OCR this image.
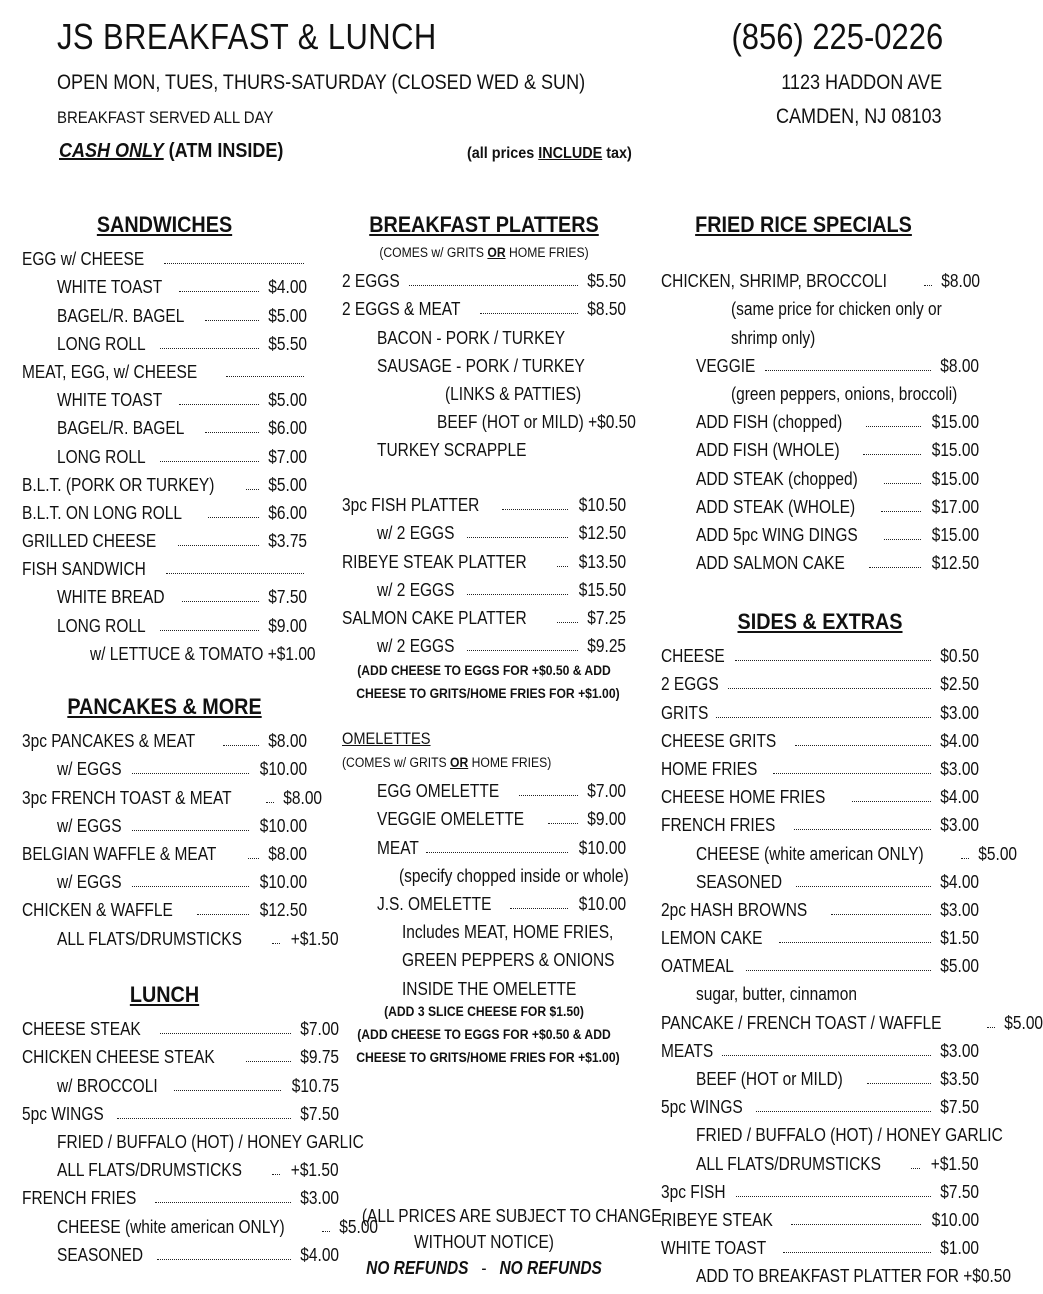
JS BREAKFAST & LUNCH	(856) 225-0226
OPEN MON, TUES, THURS-SATURDAY (CLOSED WED & SUN)	1123 HADDON AVE
BREAKFAST SERVED ALL DAY	CAMDEN, NJ 08103
CASH ONLY (ATM INSIDE)	(all prices INCLUDE tax)
SANDWICHES
EGG w/ CHEESE
WHITE TOAST	$4.00
BAGEL/R. BAGEL	$5.00
LONG ROLL	$5.50
MEAT, EGG, w/ CHEESE
WHITE TOAST	$5.00
BAGEL/R. BAGEL	$6.00
LONG ROLL	$7.00
B.L.T. (PORK OR TURKEY)	$5.00
B.L.T. ON LONG ROLL	$6.00
GRILLED CHEESE	$3.75
FISH SANDWICH
WHITE BREAD	$7.50
LONG ROLL	$9.00
w/ LETTUCE & TOMATO +$1.00
PANCAKES & MORE
3pc PANCAKES & MEAT	$8.00
w/ EGGS	$10.00
3pc FRENCH TOAST & MEAT	$8.00
w/ EGGS	$10.00
BELGIAN WAFFLE & MEAT	$8.00
w/ EGGS	$10.00
CHICKEN & WAFFLE	$12.50
ALL FLATS/DRUMSTICKS	+$1.50
LUNCH
CHEESE STEAK	$7.00
CHICKEN CHEESE STEAK	$9.75
w/ BROCCOLI	$10.75
5pc WINGS	$7.50
FRIED / BUFFALO (HOT) / HONEY GARLIC
ALL FLATS/DRUMSTICKS	+$1.50
FRENCH FRIES	$3.00
CHEESE (white american ONLY)	$5.00
SEASONED	$4.00
BREAKFAST PLATTERS
(COMES w/ GRITS OR HOME FRIES)
2 EGGS	$5.50
2 EGGS & MEAT	$8.50
BACON - PORK / TURKEY
SAUSAGE - PORK / TURKEY
(LINKS & PATTIES)
BEEF (HOT or MILD) +$0.50
TURKEY SCRAPPLE
3pc FISH PLATTER	$10.50
w/ 2 EGGS	$12.50
RIBEYE STEAK PLATTER	$13.50
w/ 2 EGGS	$15.50
SALMON CAKE PLATTER	$7.25
w/ 2 EGGS	$9.25
(ADD CHEESE TO EGGS FOR +$0.50 & ADD
CHEESE TO GRITS/HOME FRIES FOR +$1.00)
OMELETTES
(COMES w/ GRITS OR HOME FRIES)
EGG OMELETTE	$7.00
VEGGIE OMELETTE	$9.00
MEAT	$10.00
(specify chopped inside or whole)
J.S. OMELETTE	$10.00
Includes MEAT, HOME FRIES,
GREEN PEPPERS & ONIONS
INSIDE THE OMELETTE
(ADD 3 SLICE CHEESE FOR $1.50)
(ADD CHEESE TO EGGS FOR +$0.50 & ADD
CHEESE TO GRITS/HOME FRIES FOR +$1.00)
(ALL PRICES ARE SUBJECT TO CHANGE
WITHOUT NOTICE)
NO REFUNDS - NO REFUNDS
FRIED RICE SPECIALS
CHICKEN, SHRIMP, BROCCOLI	$8.00
(same price for chicken only or
shrimp only)
VEGGIE	$8.00
(green peppers, onions, broccoli)
ADD FISH (chopped)	$15.00
ADD FISH (WHOLE)	$15.00
ADD STEAK (chopped)	$15.00
ADD STEAK (WHOLE)	$17.00
ADD 5pc WING DINGS	$15.00
ADD SALMON CAKE	$12.50
SIDES & EXTRAS
CHEESE	$0.50
2 EGGS	$2.50
GRITS	$3.00
CHEESE GRITS	$4.00
HOME FRIES	$3.00
CHEESE HOME FRIES	$4.00
FRENCH FRIES	$3.00
CHEESE (white american ONLY)	$5.00
SEASONED	$4.00
2pc HASH BROWNS	$3.00
LEMON CAKE	$1.50
OATMEAL	$5.00
sugar, butter, cinnamon
PANCAKE / FRENCH TOAST / WAFFLE	$5.00
MEATS	$3.00
BEEF (HOT or MILD)	$3.50
5pc WINGS	$7.50
FRIED / BUFFALO (HOT) / HONEY GARLIC
ALL FLATS/DRUMSTICKS	+$1.50
3pc FISH	$7.50
RIBEYE STEAK	$10.00
WHITE TOAST	$1.00
ADD TO BREAKFAST PLATTER FOR +$0.50
